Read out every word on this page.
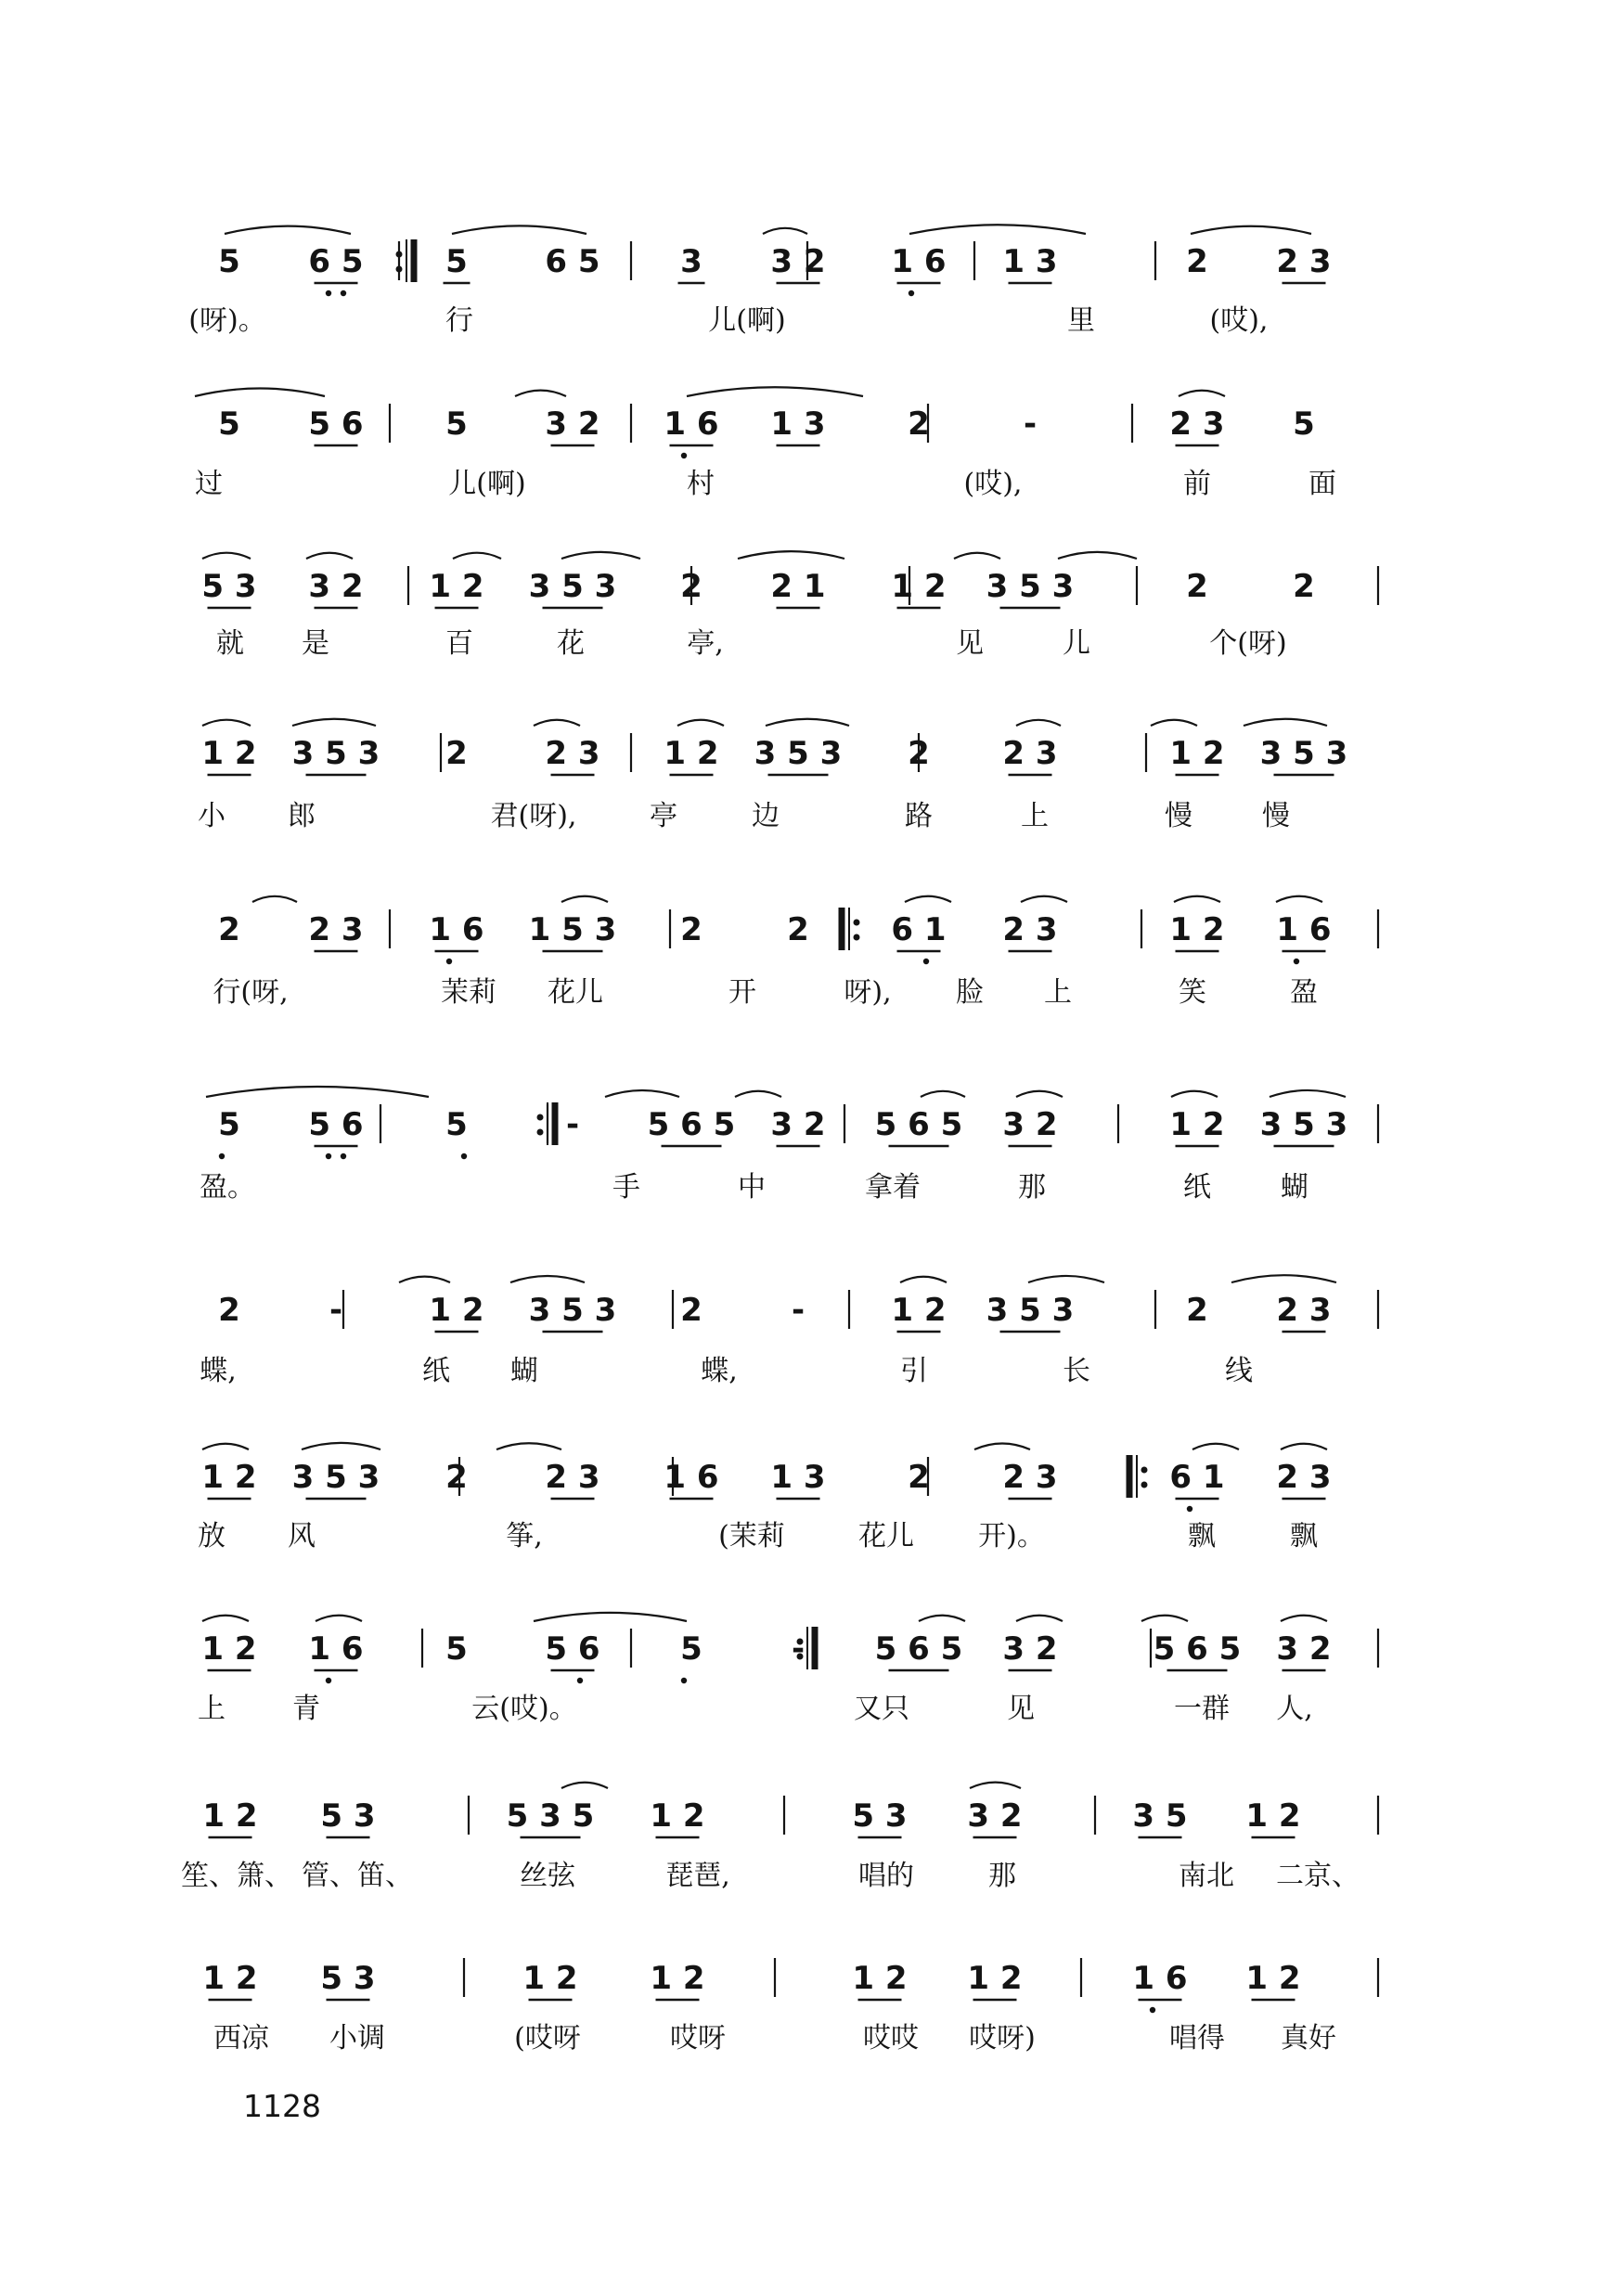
5 6 5	5 6 5	3 3 2 1 6 1 3	2 2 3
(呀)。	行	儿(啊)	里	(哎),
5 5 6	5 3 2 1 6 1 3	2	-	2 3 5
过	儿(啊)	村	(哎),	前	面
5 3 3 2 1 2 3 5 3 2 2 1 1 2 3 5 3	2	2
就 是	百	花	亭,	见	儿	个(呀)
1 2 3 5 3 2 2 3 1 2 3 5 3 2 2 3	1 2 3 5 3
小 郎	君(呀),	亭	边	路	上	慢	慢
2 2 3 1 6 1 5 3 2	2	6 1 2 3	1 2 1 6
行(呀,	茉莉 花儿	开	呀), 脸 上	笑	盈
5 5 6	5	- 5 6 5 3 2 5 6 5 3 2	1 2 3 5 3
盈。	手	中	拿着	那	纸	蝴
2	-	1 2 3 5 3 2	-	1 2 3 5 3	2 2 3
蝶,	纸 蝴	蝶,	引	长	线
1 2 3 5 3 2 2 3 1 6 1 3	2 2 3	6 1 2 3
放 风	筝,	(茉莉	花儿 开)。	飘	飘
1 2 1 6	5 5 6	5	- 5 6 5 3 2	5 6 5 3 2
上 青	云(哎)。	又只	见	一群 人,
1 2 5 3	5 3 5 1 2	5 3 3 2	3 5 1 2
笙、箫、 管、笛、	丝弦	琵琶,	唱的	那	南北 二京、
1 2 5 3	1 2 1 2	1 2 1 2	1 6 1 2
西凉 小调	(哎呀	哎呀	哎哎 哎呀)	唱得 真好
1128
